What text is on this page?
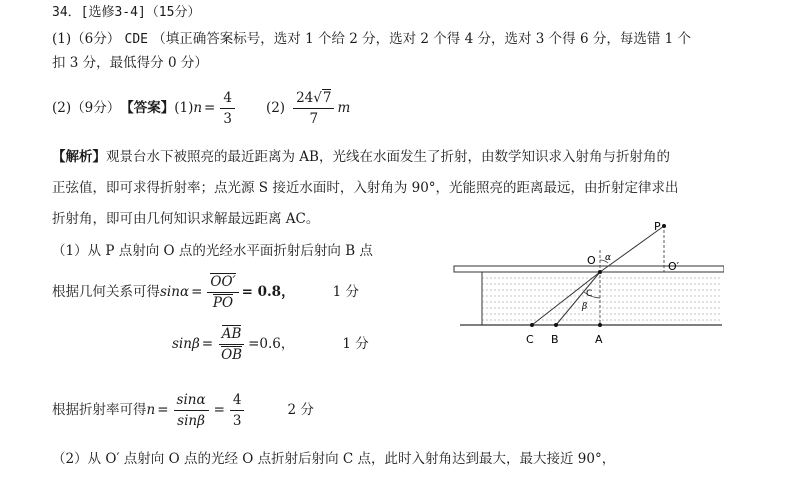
34．[选修3-4]（15分）
(1)（6分） CDE （填正确答案标号，选对 1 个给 2 分，选对 2 个得 4 分，选对 3 个得 6 分，每选错 1 个
扣 3 分，最低得分 0 分）
(2)（9分） 【答案】 (1) $n = \frac{4}{3} (2) \frac{24√7}{7}$ m
【解析】观景台水下被照亮的最近距离为 AB，光线在水面发生了折射，由数学知识求入射角与折射角的
正弦值，即可求得折射率；点光源 S 接近水面时，入射角为 90°，光能照亮的距离最远，由折射定律求出
折射角，即可由几何知识求解最远距离 AC。
（1）从 P 点射向 O 点的光经水平面折射后射向 B 点
根据几何关系可得 $\sin\alpha = \frac{OO'}{PO} = 0.8$，	1 分
$\sin\beta = \frac{AB}{OB} =0.6$，	1 分
根据折射率可得 $n = \frac{\sin\alpha}{\sin\beta} = \frac{4}{3}$	2 分
（2）从 O′ 点射向 O 点的光经 O 点折射后射向 C 点，此时入射角达到最大，最大接近 90°，
P
O	O′
α
β
C
C B	A
